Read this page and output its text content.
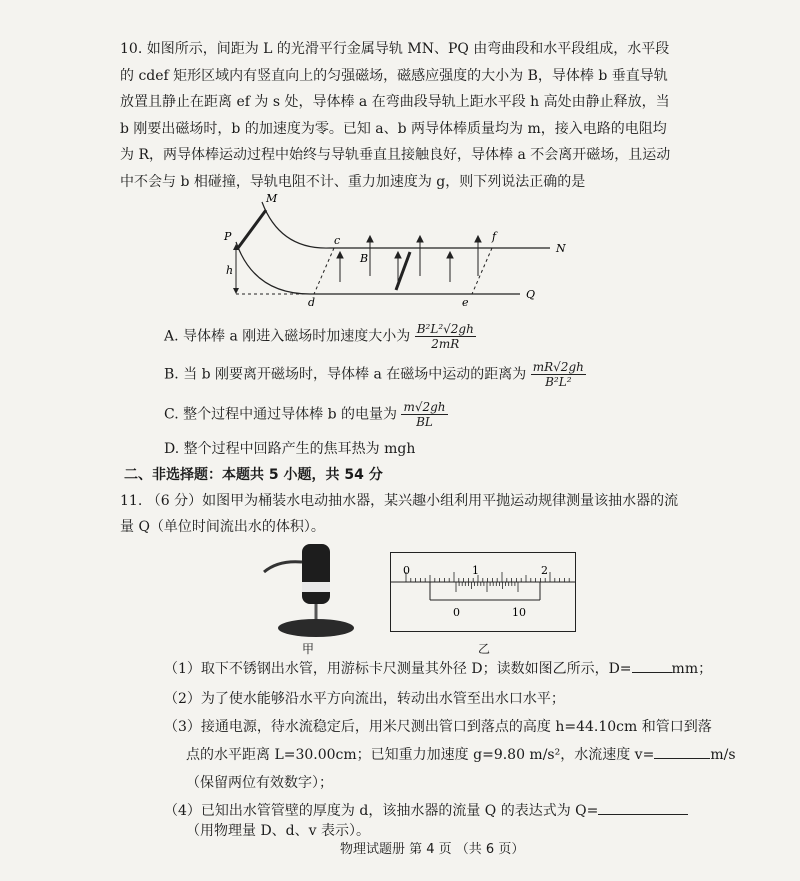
10. 如图所示，间距为 L 的光滑平行金属导轨 MN、PQ 由弯曲段和水平段组成，水平段的 cdef 矩形区域内有竖直向上的匀强磁场，磁感应强度的大小为 B，导体棒 b 垂直导轨放置且静止在距离 ef 为 s 处，导体棒 a 在弯曲段导轨上距水平段 h 高处由静止释放，当 b 刚要出磁场时，b 的加速度为零。已知 a、b 两导体棒质量均为 m，接入电路的电阻均为 R，两导体棒运动过程中始终与导轨垂直且接触良好，导体棒 a 不会离开磁场，且运动中不会与 b 相碰撞，导轨电阻不计、重力加速度为 g，则下列说法正确的是

M
P
h
c
d
B
f
e
N
Q
A. 导体棒 a 刚进入磁场时加速度大小为 $\frac{\text{B²L²√2gh}}{2mR}$
B. 当 b 刚要离开磁场时，导体棒 a 在磁场中运动的距离为 $\frac{mR√2gh}{\text{B²L²}}$
C. 整个过程中通过导体棒 b 的电量为 $\frac{m√2gh}{BL}$
D. 整个过程中回路产生的焦耳热为 mgh
二、非选择题：本题共 5 小题，共 54 分

11. （6 分）如图甲为桶装水电动抽水器，某兴趣小组利用平抛运动规律测量该抽水器的流量 Q（单位时间流出水的体积）。

甲
0	1	2
0	10
乙
（1）取下不锈钢出水管，用游标卡尺测量其外径 D；读数如图乙所示，D=	mm；
（2）为了使水能够沿水平方向流出，转动出水管至出水口水平；
（3）接通电源，待水流稳定后，用米尺测出管口到落点的高度 h=44.10cm 和管口到落
点的水平距离 L=30.00cm；已知重力加速度 g=9.80 m/s²，水流速度 v=	m/s
（保留两位有效数字）；
（4）已知出水管管壁的厚度为 d，该抽水器的流量 Q 的表达式为 Q=
（用物理量 D、d、v 表示）。
物理试题册 第 4 页 （共 6 页）
